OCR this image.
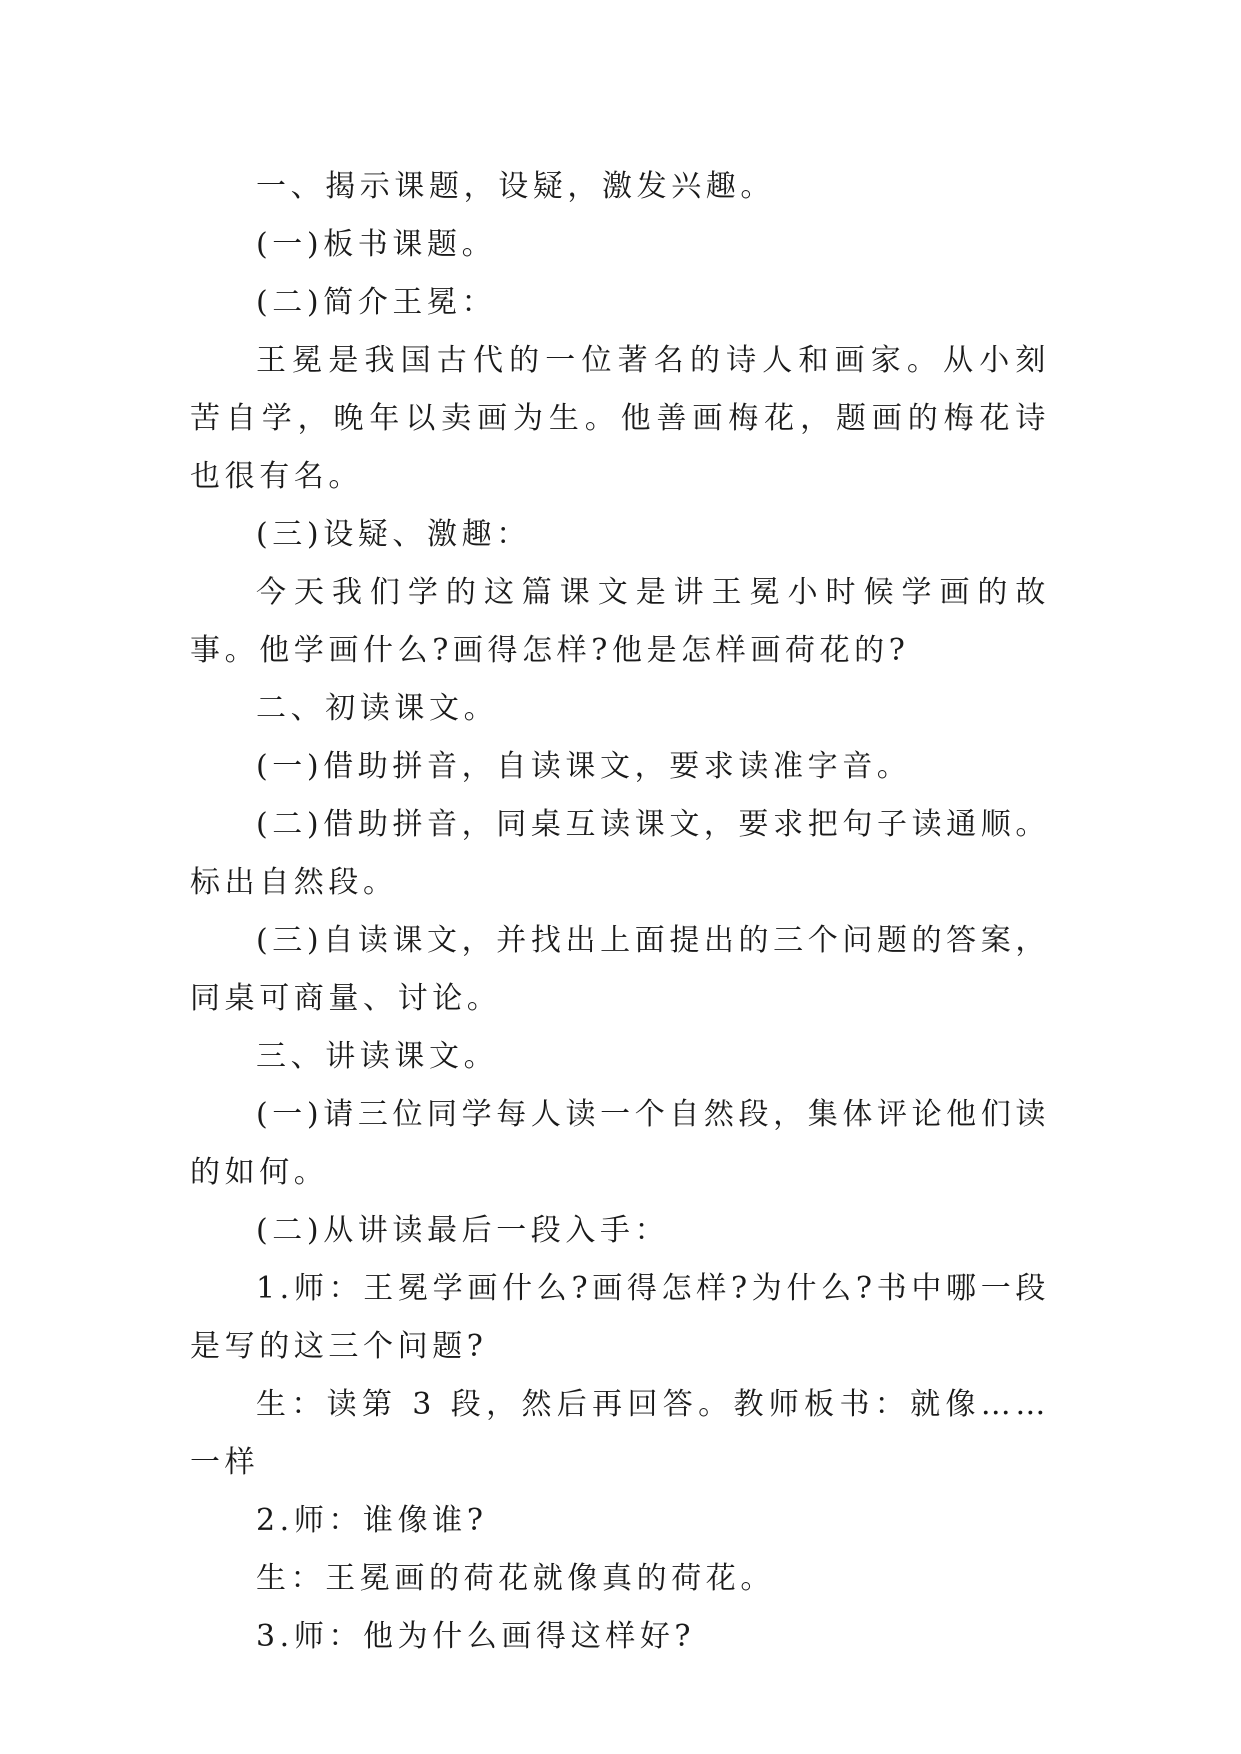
一、揭示课题，设疑，激发兴趣。

(一)板书课题。

(二)简介王冕：

王冕是我国古代的一位著名的诗人和画家。从小刻苦自学，晚年以卖画为生。他善画梅花，题画的梅花诗也很有名。

(三)设疑、激趣：

今天我们学的这篇课文是讲王冕小时候学画的故事。他学画什么?画得怎样?他是怎样画荷花的?

二、初读课文。

(一)借助拼音，自读课文，要求读准字音。

(二)借助拼音，同桌互读课文，要求把句子读通顺。标出自然段。

(三)自读课文，并找出上面提出的三个问题的答案，同桌可商量、讨论。

三、讲读课文。

(一)请三位同学每人读一个自然段，集体评论他们读的如何。

(二)从讲读最后一段入手：

1.师：王冕学画什么?画得怎样?为什么?书中哪一段是写的这三个问题?

生：读第 3 段，然后再回答。教师板书：就像……一样

2.师：谁像谁?

生：王冕画的荷花就像真的荷花。

3.师：他为什么画得这样好?
